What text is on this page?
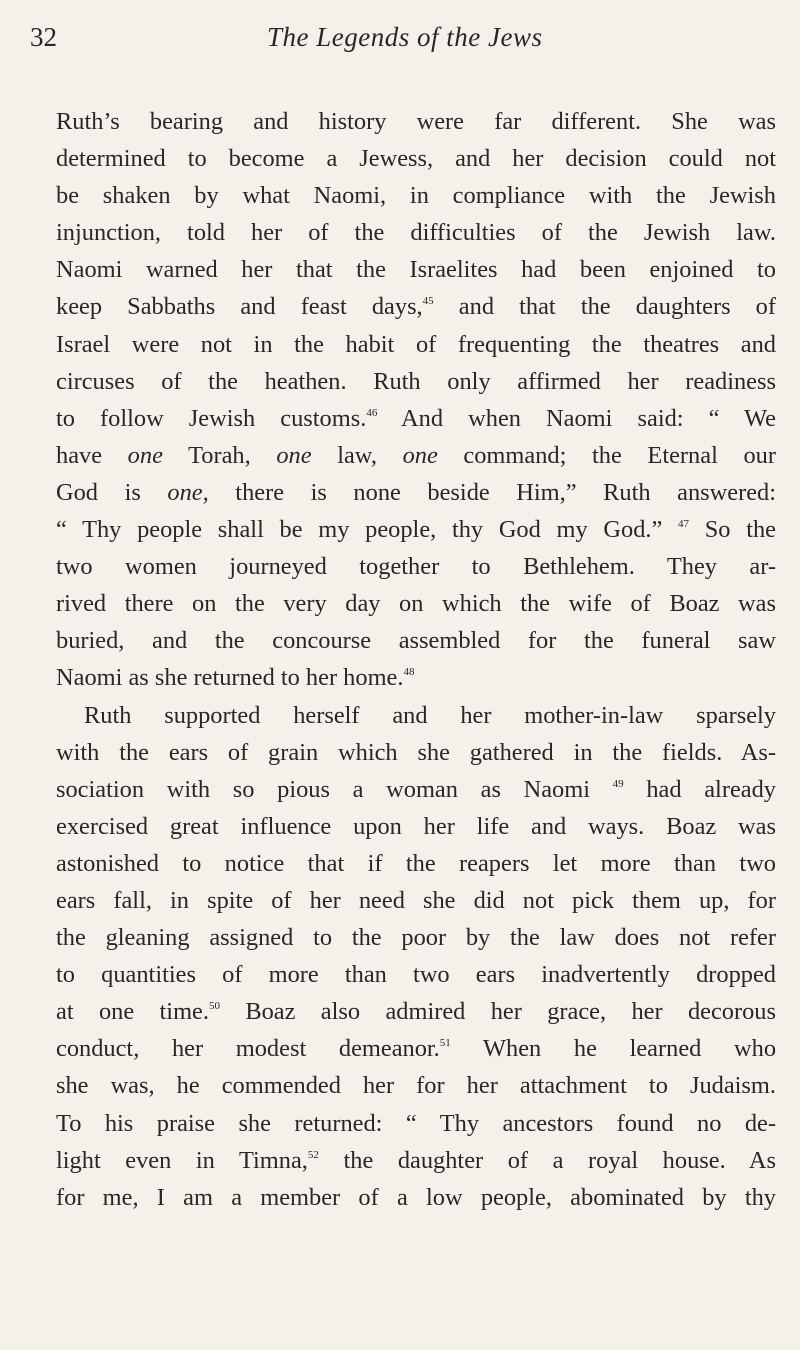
32	The Legends of the Jews
Ruth’s bearing and history were far different. She was
determined to become a Jewess, and her decision could not
be shaken by what Naomi, in compliance with the Jewish
injunction, told her of the difficulties of the Jewish law.
Naomi warned her that the Israelites had been enjoined to
keep Sabbaths and feast days,$^{45}$ and that the daughters of
Israel were not in the habit of frequenting the theatres and
circuses of the heathen. Ruth only affirmed her readiness
to follow Jewish customs.$^{46}$ And when Naomi said: “ We
have one Torah, one law, one command; the Eternal our
God is one, there is none beside Him,” Ruth answered:
“ Thy people shall be my people, thy God my God.” $^{47}$ So the
two women journeyed together to Bethlehem. They ar-
rived there on the very day on which the wife of Boaz was
buried, and the concourse assembled for the funeral saw
Naomi as she returned to her home.$^{48}$
Ruth supported herself and her mother-in-law sparsely
with the ears of grain which she gathered in the fields. As-
sociation with so pious a woman as Naomi $^{49}$ had already
exercised great influence upon her life and ways. Boaz was
astonished to notice that if the reapers let more than two
ears fall, in spite of her need she did not pick them up, for
the gleaning assigned to the poor by the law does not refer
to quantities of more than two ears inadvertently dropped
at one time.$^{50}$ Boaz also admired her grace, her decorous
conduct, her modest demeanor.$^{51}$ When he learned who
she was, he commended her for her attachment to Judaism.
To his praise she returned: “ Thy ancestors found no de-
light even in Timna,$^{52}$ the daughter of a royal house. As
for me, I am a member of a low people, abominated by thy
